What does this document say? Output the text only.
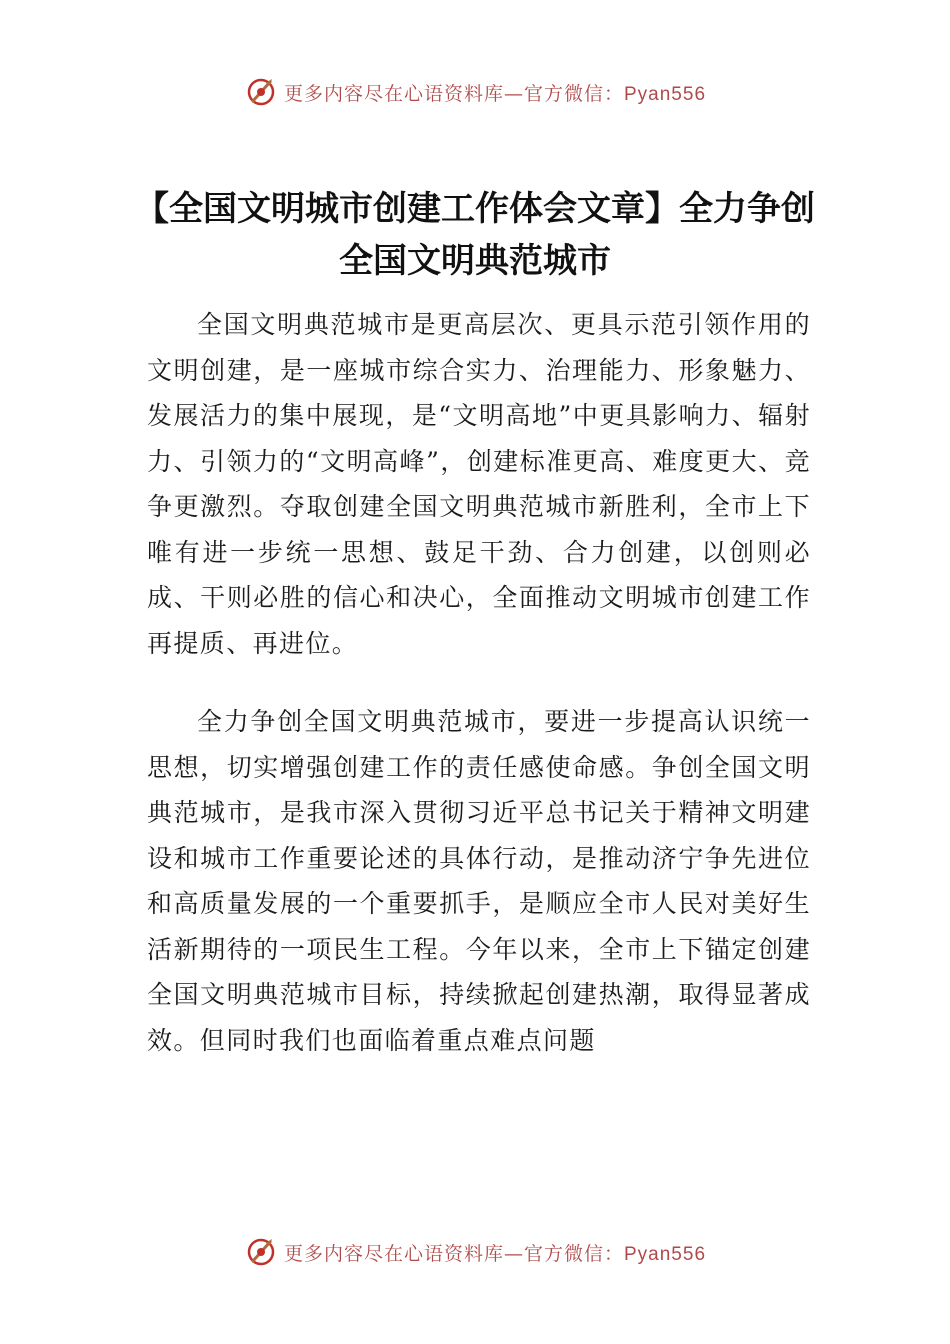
更多内容尽在心语资料库—官方微信：Pyan556
【全国文明城市创建工作体会文章】全力争创全国文明典范城市

全国文明典范城市是更高层次、更具示范引领作用的文明创建，是一座城市综合实力、治理能力、形象魅力、发展活力的集中展现，是“文明高地”中更具影响力、辐射力、引领力的“文明高峰”，创建标准更高、难度更大、竞争更激烈。夺取创建全国文明典范城市新胜利，全市上下唯有进一步统一思想、鼓足干劲、合力创建，以创则必成、干则必胜的信心和决心，全面推动文明城市创建工作再提质、再进位。

全力争创全国文明典范城市，要进一步提高认识统一思想，切实增强创建工作的责任感使命感。争创全国文明典范城市，是我市深入贯彻习近平总书记关于精神文明建设和城市工作重要论述的具体行动，是推动济宁争先进位和高质量发展的一个重要抓手，是顺应全市人民对美好生活新期待的一项民生工程。今年以来，全市上下锚定创建全国文明典范城市目标，持续掀起创建热潮，取得显著成效。但同时我们也面临着重点难点问题

更多内容尽在心语资料库—官方微信：Pyan556
